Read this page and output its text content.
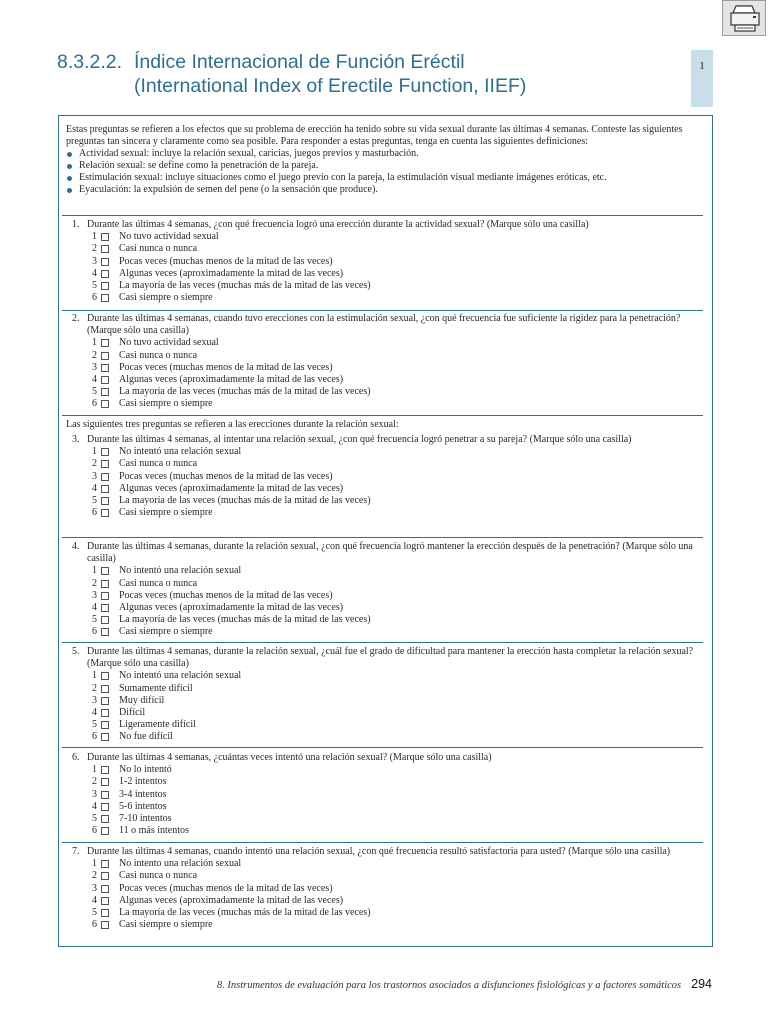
8.3.2.2. Índice Internacional de Función Eréctil
(International Index of Erectile Function, IIEF)
1
Estas preguntas se refieren a los efectos que su problema de erección ha tenido sobre su vida sexual durante las últimas 4 semanas. Conteste las siguientes preguntas tan sincera y claramente como sea posible. Para responder a estas preguntas, tenga en cuenta las siguientes definiciones:
Actividad sexual: incluye la relación sexual, caricias, juegos previos y masturbación.
Relación sexual: se define como la penetración de la pareja.
Estimulación sexual: incluye situaciones como el juego previo con la pareja, la estimulación visual mediante imágenes eróticas, etc.
Eyaculación: la expulsión de semen del pene (o la sensación que produce).
1. Durante las últimas 4 semanas, ¿con qué frecuencia logró una erección durante la actividad sexual? (Marque sólo una casilla)
1 No tuvo actividad sexual
2 Casi nunca o nunca
3 Pocas veces (muchas menos de la mitad de las veces)
4 Algunas veces (aproximadamente la mitad de las veces)
5 La mayoría de las veces (muchas más de la mitad de las veces)
6 Casi siempre o siempre
2. Durante las últimas 4 semanas, cuando tuvo erecciones con la estimulación sexual, ¿con qué frecuencia fue suficiente la rigidez para la penetración? (Marque sólo una casilla)
1 No tuvo actividad sexual
2 Casi nunca o nunca
3 Pocas veces (muchas menos de la mitad de las veces)
4 Algunas veces (aproximadamente la mitad de las veces)
5 La mayoría de las veces (muchas más de la mitad de las veces)
6 Casi siempre o siempre
Las siguientes tres preguntas se refieren a las erecciones durante la relación sexual:
3. Durante las últimas 4 semanas, al intentar una relación sexual, ¿con qué frecuencia logró penetrar a su pareja? (Marque sólo una casilla)
1 No intentó una relación sexual
2 Casi nunca o nunca
3 Pocas veces (muchas menos de la mitad de las veces)
4 Algunas veces (aproximadamente la mitad de las veces)
5 La mayoría de las veces (muchas más de la mitad de las veces)
6 Casi siempre o siempre
4. Durante las últimas 4 semanas, durante la relación sexual, ¿con qué frecuencia logró mantener la erección después de la penetración? (Marque sólo una casilla)
1 No intentó una relación sexual
2 Casi nunca o nunca
3 Pocas veces (muchas menos de la mitad de las veces)
4 Algunas veces (aproximadamente la mitad de las veces)
5 La mayoría de las veces (muchas más de la mitad de las veces)
6 Casi siempre o siempre
5. Durante las últimas 4 semanas, durante la relación sexual, ¿cuál fue el grado de dificultad para mantener la erección hasta completar la relación sexual? (Marque sólo una casilla)
1 No intentó una relación sexual
2 Sumamente difícil
3 Muy difícil
4 Difícil
5 Ligeramente difícil
6 No fue difícil
6. Durante las últimas 4 semanas, ¿cuántas veces intentó una relación sexual? (Marque sólo una casilla)
1 No lo intentó
2 1-2 intentos
3 3-4 intentos
4 5-6 intentos
5 7-10 intentos
6 11 o más intentos
7. Durante las últimas 4 semanas, cuando intentó una relación sexual, ¿con qué frecuencia resultó satisfactoria para usted? (Marque sólo una casilla)
1 No intento una relación sexual
2 Casi nunca o nunca
3 Pocas veces (muchas menos de la mitad de las veces)
4 Algunas veces (aproximadamente la mitad de las veces)
5 La mayoría de las veces (muchas más de la mitad de las veces)
6 Casi siempre o siempre
8. Instrumentos de evaluación para los trastornos asociados a disfunciones fisiológicas y a factores somáticos 294
